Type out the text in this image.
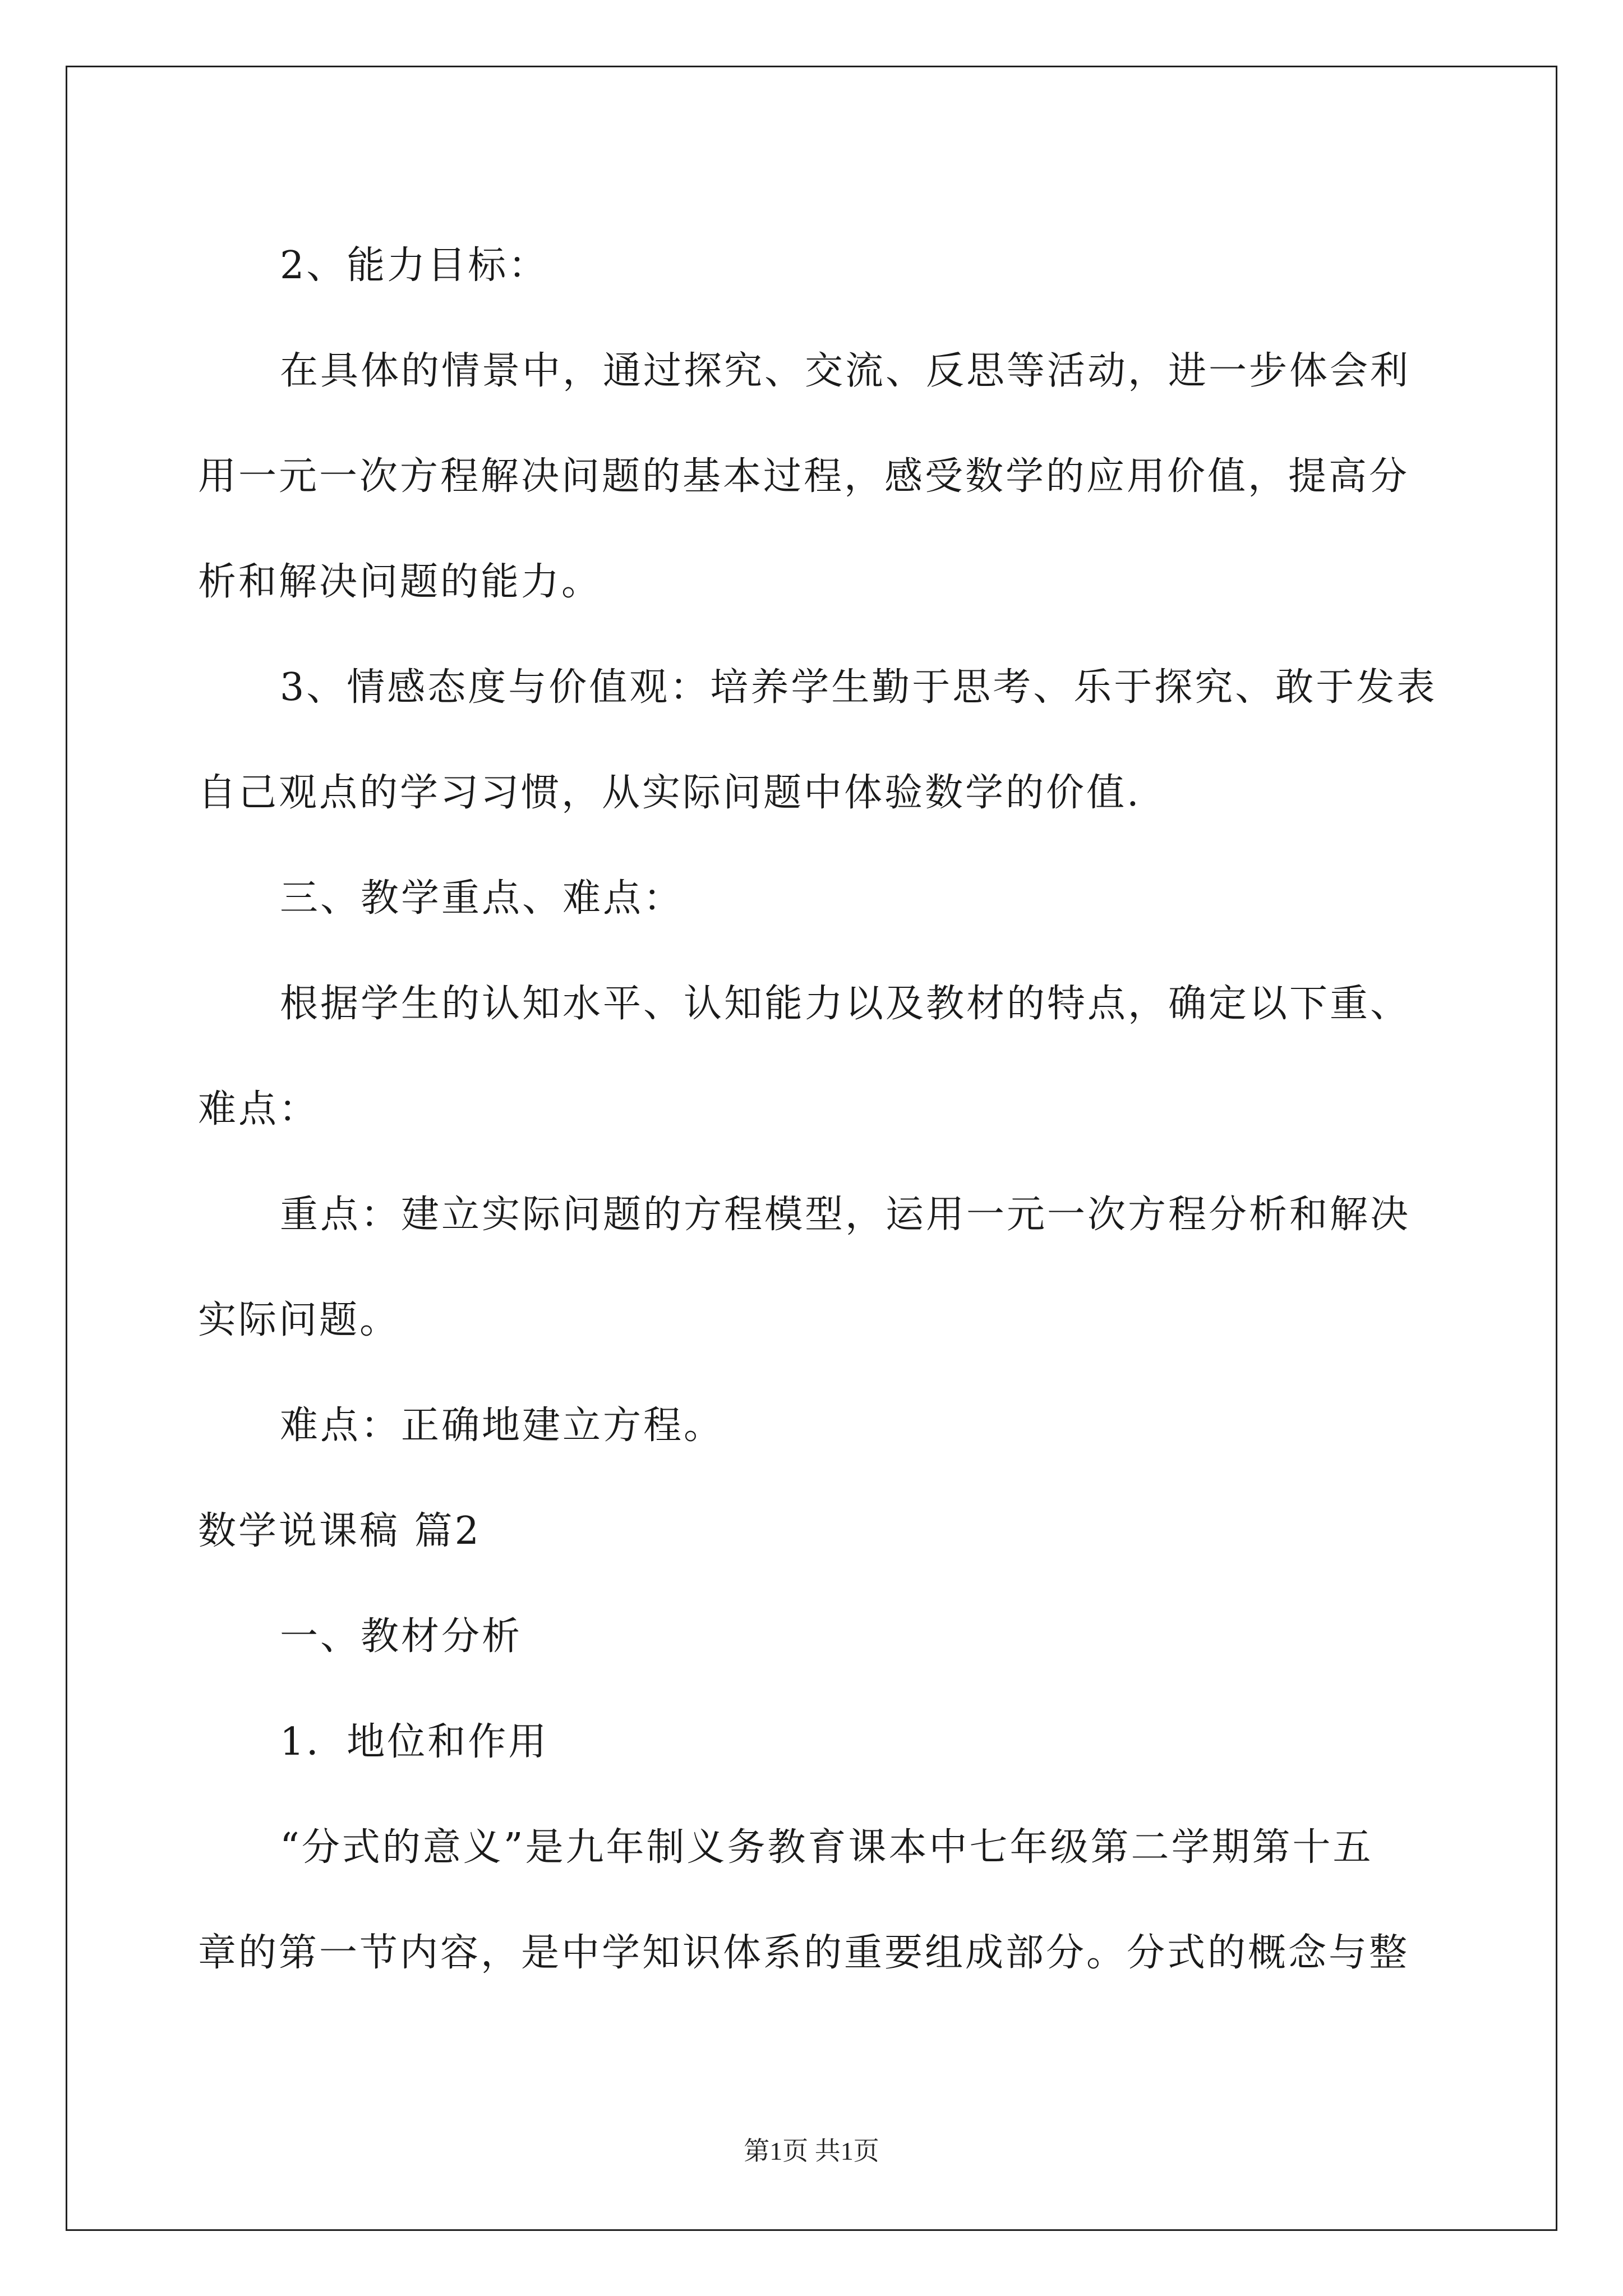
2、能力目标：

在具体的情景中，通过探究、交流、反思等活动，进一步体会利

用一元一次方程解决问题的基本过程，感受数学的应用价值，提高分

析和解决问题的能力。

3、情感态度与价值观：培养学生勤于思考、乐于探究、敢于发表

自己观点的学习习惯，从实际问题中体验数学的价值.

三、教学重点、难点：

根据学生的认知水平、认知能力以及教材的特点，确定以下重、

难点：

重点：建立实际问题的方程模型，运用一元一次方程分析和解决

实际问题。

难点：正确地建立方程。

数学说课稿 篇2

一、教材分析

1．地位和作用

“分式的意义”是九年制义务教育课本中七年级第二学期第十五

章的第一节内容，是中学知识体系的重要组成部分。分式的概念与整

第1页 共1页
